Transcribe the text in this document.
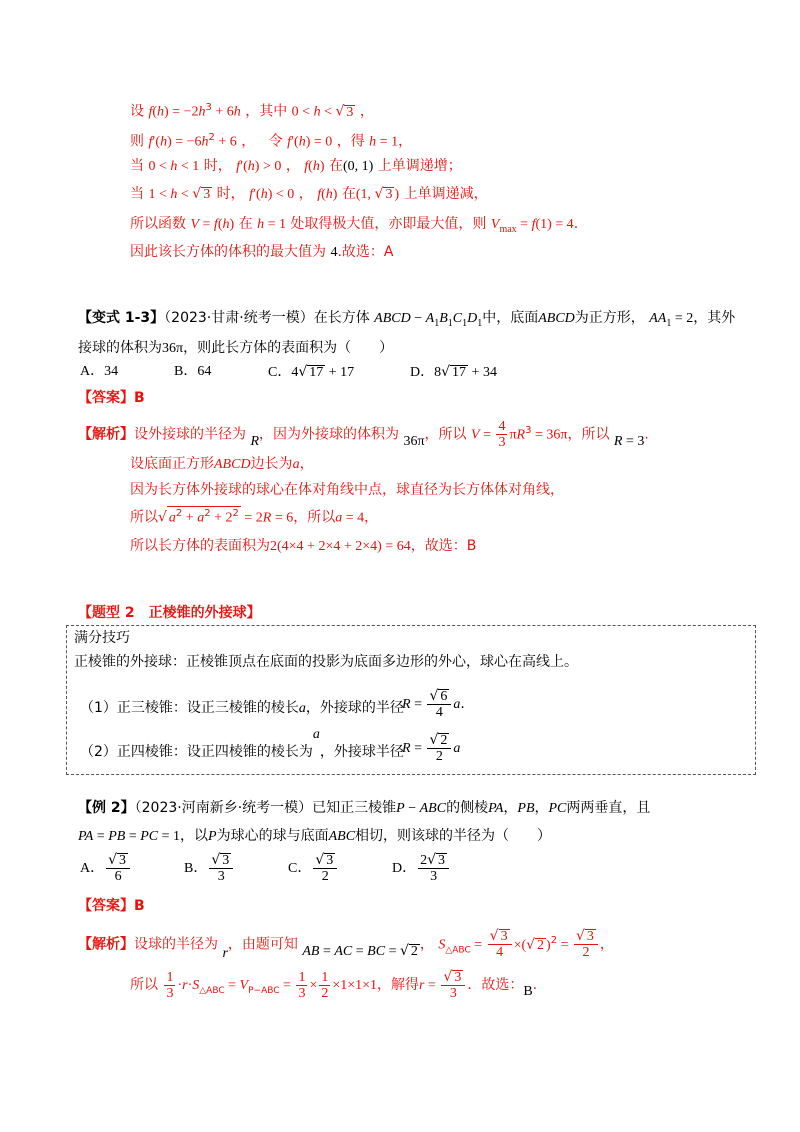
设 $f(h) = -2h^3 + 6h$ ，其中 0 < h < √ 3 ，
则 $f'(h) = -6h^2 + 6$ ， 令 f′(h) = 0 ，得 h = 1，
当 0 < h < 1 时， f′(h) > 0 ， f(h) 在(0, 1) 上单调递增；
当 1 < h < √ 3 时， f′(h) < 0 ， f(h) 在(1, √ 3 ) 上单调递减，
所以函数 V = f(h) 在 h = 1 处取得极大值，亦即最大值，则 $V_{max} = f(1) = 4$.
因此该长方体的体积的最大值为 4.故选：A
【变式 1-3】（2023·甘肃·统考一模）在长方体 ABCD − $A_1B_1C_1D_1$中，底面ABCD为正方形， $AA_1 = 2$，其外
接球的体积为36π，则此长方体的表面积为（　　）
A．34	B．64	C．4√ 17 + 17	D．8√ 17 + 34
【答案】B
【解析】设外接球的半径为 R，因为外接球的体积为 36π，所以 $V = \frac{4}{3} \pi R^3 = 36\pi$，所以 R = 3.
设底面正方形ABCD边长为a，
因为长方体外接球的球心在体对角线中点，球直径为长方体体对角线，
所以√ $a^2 + a^2 + 2^2 = 2R = 6$，所以a = 4，
所以长方体的表面积为2(4×4 + 2×4 + 2×4) = 64，故选：B
【题型 2　正棱锥的外接球】
满分技巧
正棱锥的外接球：正棱锥顶点在底面的投影为底面多边形的外心，球心在高线上。
（1）正三棱锥：设正三棱锥的棱长a，外接球的半径
$R = \frac{√ 6}{4} a$.
（2）正四棱锥：设正四棱锥的棱长为a，外接球半径
$R = \frac{√ 2}{2}$ a
【例 2】（2023·河南新乡·统考一模）已知正三棱锥P − ABC的侧棱PA，PB，PC两两垂直，且
PA = PB = PC = 1，以P为球心的球与底面ABC相切，则该球的半径为（　　）
A． $\frac{√ 3}{6}$	B． $\frac{√ 3}{3}$	C． $\frac{√ 3}{2}$	D． $\frac{2√ 3}{3}$
【答案】B
【解析】设球的半径为 r，由题可知 AB = AC = BC = √ 2 ， $S_{\triangle ABC} = \frac{√ 3}{4}$ ×(√ 2 )$^2 = \frac{√ 3}{2}$ ，
所以 $\frac{1}{3} \cdot r\cdot S_{\triangle ABC} = V_{P-ABC} = \frac{1}{3} \times \frac{1}{2} \times 1\times 1\times 1$，解得$r = \frac{√ 3}{3}$ ．故选：B.
